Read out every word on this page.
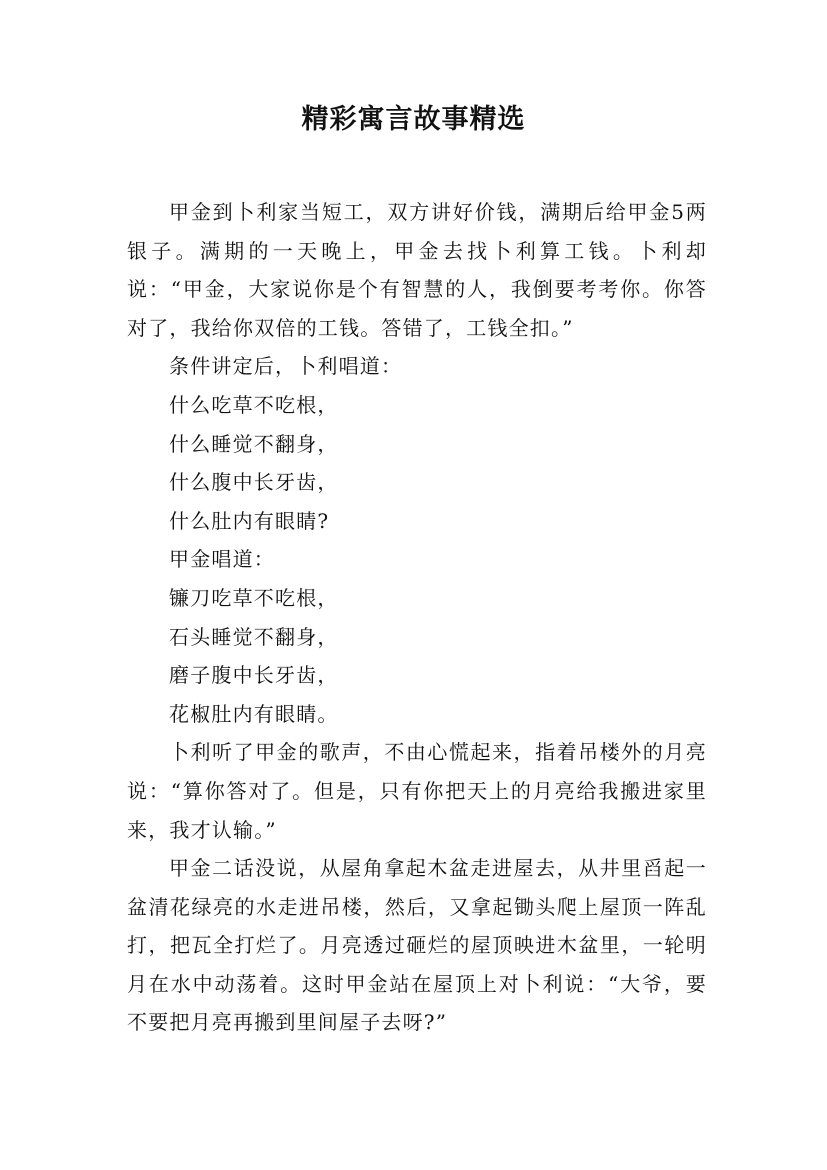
精彩寓言故事精选

甲金到卜利家当短工，双方讲好价钱，满期后给甲金5两银子。满期的一天晚上，甲金去找卜利算工钱。卜利却说：“甲金，大家说你是个有智慧的人，我倒要考考你。你答对了，我给你双倍的工钱。答错了，工钱全扣。”

条件讲定后，卜利唱道：

什么吃草不吃根，

什么睡觉不翻身，

什么腹中长牙齿，

什么肚内有眼睛?

甲金唱道：

镰刀吃草不吃根，

石头睡觉不翻身，

磨子腹中长牙齿，

花椒肚内有眼睛。

卜利听了甲金的歌声，不由心慌起来，指着吊楼外的月亮说：“算你答对了。但是，只有你把天上的月亮给我搬进家里来，我才认输。”

甲金二话没说，从屋角拿起木盆走进屋去，从井里舀起一盆清花绿亮的水走进吊楼，然后，又拿起锄头爬上屋顶一阵乱打，把瓦全打烂了。月亮透过砸烂的屋顶映进木盆里，一轮明月在水中动荡着。这时甲金站在屋顶上对卜利说：“大爷，要不要把月亮再搬到里间屋子去呀?”
